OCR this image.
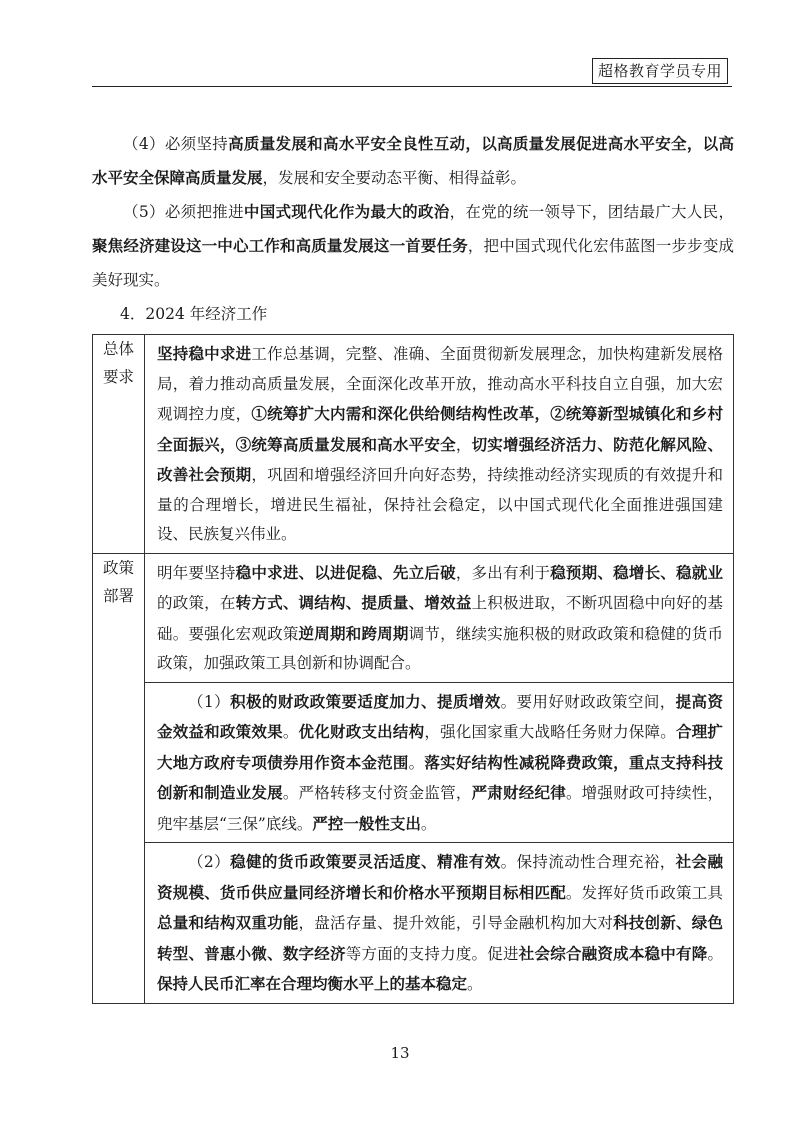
超格教育学员专用

（4）必须坚持高质量发展和高水平安全良性互动，以高质量发展促进高水平安全，以高水平安全保障高质量发展，发展和安全要动态平衡、相得益彰。

（5）必须把推进中国式现代化作为最大的政治，在党的统一领导下，团结最广大人民，聚焦经济建设这一中心工作和高质量发展这一首要任务，把中国式现代化宏伟蓝图一步步变成美好现实。

4．2024 年经济工作

总体
要求	坚持稳中求进工作总基调，完整、准确、全面贯彻新发展理念，加快构建新发展格局，着力推动高质量发展，全面深化改革开放，推动高水平科技自立自强，加大宏观调控力度，①统筹扩大内需和深化供给侧结构性改革，②统筹新型城镇化和乡村全面振兴，③统筹高质量发展和高水平安全，切实增强经济活力、防范化解风险、改善社会预期，巩固和增强经济回升向好态势，持续推动经济实现质的有效提升和量的合理增长，增进民生福祉，保持社会稳定，以中国式现代化全面推进强国建设、民族复兴伟业。
政策
部署	明年要坚持稳中求进、以进促稳、先立后破，多出有利于稳预期、稳增长、稳就业的政策，在转方式、调结构、提质量、增效益上积极进取，不断巩固稳中向好的基础。要强化宏观政策逆周期和跨周期调节，继续实施积极的财政政策和稳健的货币政策，加强政策工具创新和协调配合。
	（1）积极的财政政策要适度加力、提质增效。要用好财政政策空间，提高资金效益和政策效果。优化财政支出结构，强化国家重大战略任务财力保障。合理扩大地方政府专项债券用作资本金范围。落实好结构性减税降费政策，重点支持科技创新和制造业发展。严格转移支付资金监管，严肃财经纪律。增强财政可持续性，兜牢基层“三保”底线。严控一般性支出。
	（2）稳健的货币政策要灵活适度、精准有效。保持流动性合理充裕，社会融资规模、货币供应量同经济增长和价格水平预期目标相匹配。发挥好货币政策工具总量和结构双重功能，盘活存量、提升效能，引导金融机构加大对科技创新、绿色转型、普惠小微、数字经济等方面的支持力度。促进社会综合融资成本稳中有降。保持人民币汇率在合理均衡水平上的基本稳定。

13
